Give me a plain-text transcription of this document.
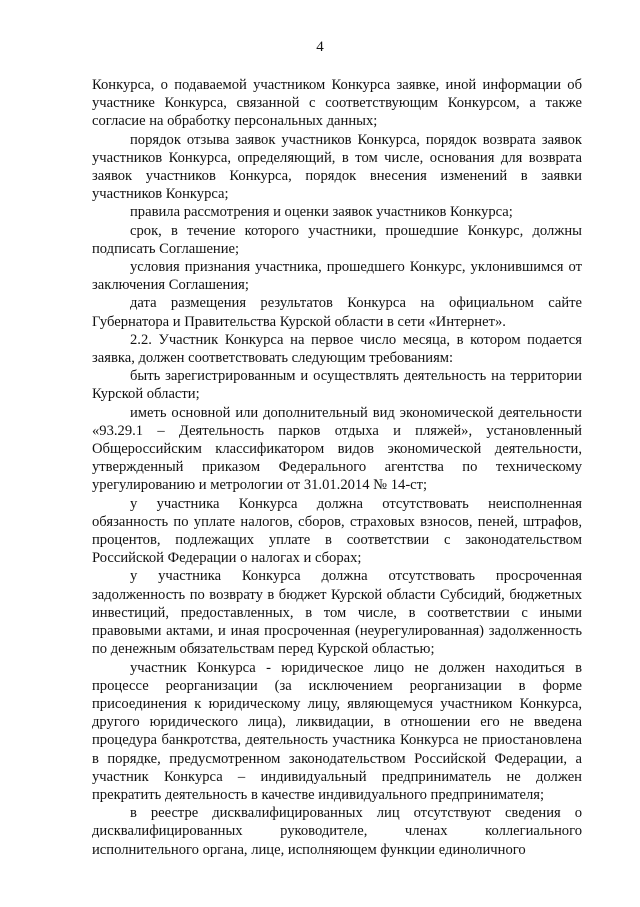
4

Конкурса, о подаваемой участником Конкурса заявке, иной информации об участнике Конкурса, связанной с соответствующим Конкурсом, а также согласие на обработку персональных данных;

порядок отзыва заявок участников Конкурса, порядок возврата заявок участников Конкурса, определяющий, в том числе, основания для возврата заявок участников Конкурса, порядок внесения изменений в заявки участников Конкурса;

правила рассмотрения и оценки заявок участников Конкурса;

срок, в течение которого участники, прошедшие Конкурс, должны подписать Соглашение;

условия признания участника, прошедшего Конкурс, уклонившимся от заключения Соглашения;

дата размещения результатов Конкурса на официальном сайте Губернатора и Правительства Курской области в сети «Интернет».

2.2. Участник Конкурса на первое число месяца, в котором подается заявка, должен соответствовать следующим требованиям:

быть зарегистрированным и осуществлять деятельность на территории Курской области;

иметь основной или дополнительный вид экономической деятельности «93.29.1 – Деятельность парков отдыха и пляжей», установленный Общероссийским классификатором видов экономической деятельности, утвержденный приказом Федерального агентства по техническому урегулированию и метрологии от 31.01.2014 № 14-ст;

у участника Конкурса должна отсутствовать неисполненная обязанность по уплате налогов, сборов, страховых взносов, пеней, штрафов, процентов, подлежащих уплате в соответствии с законодательством Российской Федерации о налогах и сборах;

у участника Конкурса должна отсутствовать просроченная задолженность по возврату в бюджет Курской области Субсидий, бюджетных инвестиций, предоставленных, в том числе, в соответствии с иными правовыми актами, и иная просроченная (неурегулированная) задолженность по денежным обязательствам перед Курской областью;

участник Конкурса - юридическое лицо не должен находиться в процессе реорганизации (за исключением реорганизации в форме присоединения к юридическому лицу, являющемуся участником Конкурса, другого юридического лица), ликвидации, в отношении его не введена процедура банкротства, деятельность участника Конкурса не приостановлена в порядке, предусмотренном законодательством Российской Федерации, а участник Конкурса – индивидуальный предприниматель не должен прекратить деятельность в качестве индивидуального предпринимателя;

в реестре дисквалифицированных лиц отсутствуют сведения о дисквалифицированных руководителе, членах коллегиального исполнительного органа, лице, исполняющем функции единоличного
